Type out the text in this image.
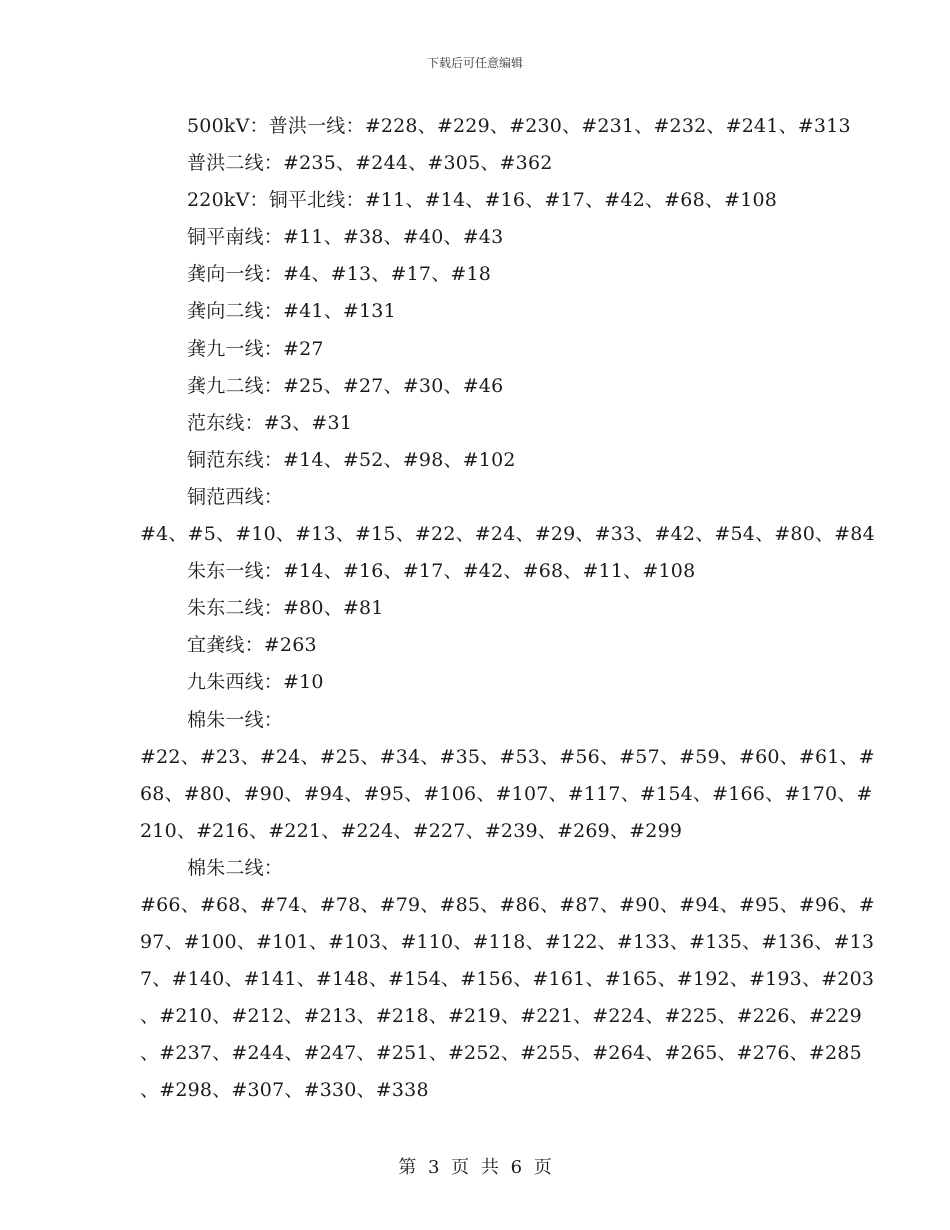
下载后可任意编辑
500kV：普洪一线：#228、#229、#230、#231、#232、#241、#313
普洪二线：#235、#244、#305、#362
220kV：铜平北线：#11、#14、#16、#17、#42、#68、#108
铜平南线：#11、#38、#40、#43
龚向一线：#4、#13、#17、#18
龚向二线：#41、#131
龚九一线：#27
龚九二线：#25、#27、#30、#46
范东线：#3、#31
铜范东线：#14、#52、#98、#102
铜范西线：
#4、#5、#10、#13、#15、#22、#24、#29、#33、#42、#54、#80、#84
朱东一线：#14、#16、#17、#42、#68、#11、#108
朱东二线：#80、#81
宜龚线：#263
九朱西线：#10
棉朱一线：
#22、#23、#24、#25、#34、#35、#53、#56、#57、#59、#60、#61、#
68、#80、#90、#94、#95、#106、#107、#117、#154、#166、#170、#
210、#216、#221、#224、#227、#239、#269、#299
棉朱二线：
#66、#68、#74、#78、#79、#85、#86、#87、#90、#94、#95、#96、#
97、#100、#101、#103、#110、#118、#122、#133、#135、#136、#13
7、#140、#141、#148、#154、#156、#161、#165、#192、#193、#203
、#210、#212、#213、#218、#219、#221、#224、#225、#226、#229
、#237、#244、#247、#251、#252、#255、#264、#265、#276、#285
、#298、#307、#330、#338
第 3 页 共 6 页
